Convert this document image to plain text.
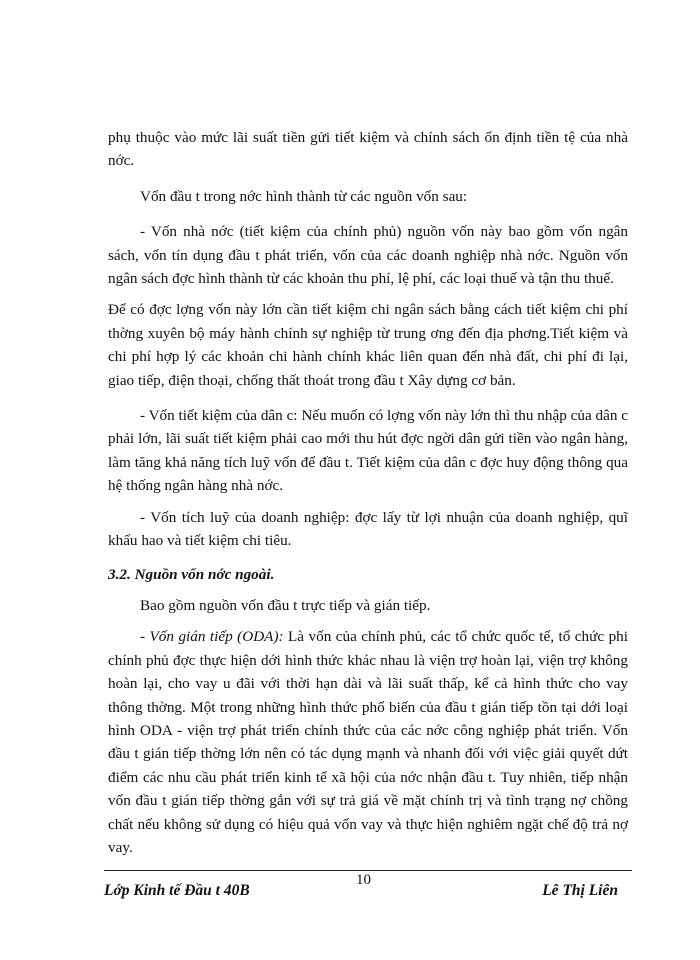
phụ thuộc vào mức lãi suất tiền gửi tiết kiệm và chính sách ổn định tiền tệ của nhà nớc.

Vốn đầu t trong nớc hình thành từ các nguồn vốn sau:

- Vốn nhà nớc (tiết kiệm của chính phủ) nguồn vốn này bao gồm vốn ngân sách, vốn tín dụng đầu t phát triển, vốn của các doanh nghiệp nhà nớc. Nguồn vốn ngân sách đợc hình thành từ các khoản thu phí, lệ phí, các loại thuế và tận thu thuế.

Để có đợc lợng vốn này lớn cần tiết kiệm chi ngân sách bằng cách tiết kiệm chi phí thờng xuyên bộ máy hành chính sự nghiệp từ trung ơng đến địa phơng.Tiết kiệm và chi phí hợp lý các khoản chi hành chính khác liên quan đến nhà đất, chi phí đi lại, giao tiếp, điện thoại, chống thất thoát trong đầu t Xây dựng cơ bản.

- Vốn tiết kiệm của dân c: Nếu muốn có lợng vốn này lớn thì thu nhập của dân c phải lớn, lãi suất tiết kiệm phải cao mới thu hút đợc ngời dân gửi tiền vào ngân hàng, làm tăng khả năng tích luỹ vốn để đầu t. Tiết kiệm của dân c đợc huy động thông qua hệ thống ngân hàng nhà nớc.

- Vốn tích luỹ của doanh nghiệp: đợc lấy từ lợi nhuận của doanh nghiệp, quĩ khấu hao và tiết kiệm chi tiêu.

3.2. Nguồn vốn nớc ngoài.

Bao gồm nguồn vốn đầu t trực tiếp và gián tiếp.

- Vốn gián tiếp (ODA): Là vốn của chính phủ, các tổ chức quốc tế, tổ chức phi chính phủ đợc thực hiện dới hình thức khác nhau là viện trợ hoàn lại, viện trợ không hoàn lại, cho vay u đãi với thời hạn dài và lãi suất thấp, kể cả hình thức cho vay thông thờng. Một trong những hình thức phổ biến của đầu t gián tiếp tồn tại dới loại hình ODA - viện trợ phát triển chính thức của các nớc công nghiệp phát triển. Vốn đầu t gián tiếp thờng lớn nên có tác dụng mạnh và nhanh đối với việc giải quyết dứt điểm các nhu cầu phát triển kinh tế xã hội của nớc nhận đầu t. Tuy nhiên, tiếp nhận vốn đầu t gián tiếp thờng gắn với sự trả giá về mặt chính trị và tình trạng nợ chồng chất nếu không sử dụng có hiệu quả vốn vay và thực hiện nghiêm ngặt chế độ trả nợ vay.

Lớp Kinh tế Đầu t 40B
10
Lê Thị Liên
